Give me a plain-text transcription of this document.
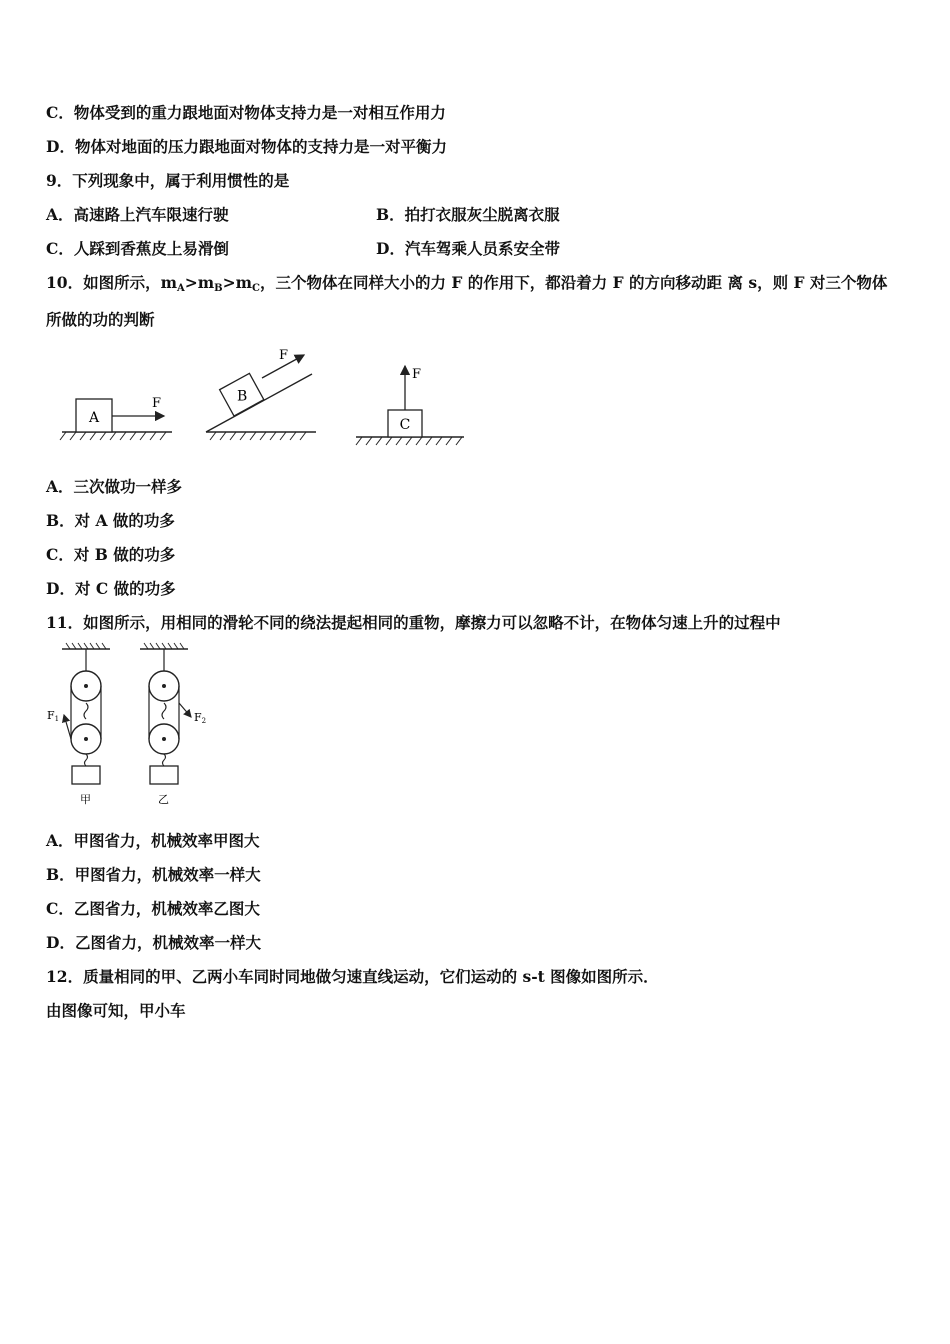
C．物体受到的重力跟地面对物体支持力是一对相互作用力
D．物体对地面的压力跟地面对物体的支持力是一对平衡力
9．下列现象中，属于利用惯性的是
A．高速路上汽车限速行驶	B．拍打衣服灰尘脱离衣服
C．人踩到香蕉皮上易滑倒	D．汽车驾乘人员系安全带
10．如图所示，$m_A>m_B>m_C$，三个物体在同样大小的力 F 的作用下，都沿着力 F 的方向移动距 离 s，则 F 对三个物体
所做的功的判断
A
F	B
F
C
F
A．三次做功一样多
B．对 A 做的功多
C．对 B 做的功多
D．对 C 做的功多
11．如图所示，用相同的滑轮不同的绕法提起相同的重物，摩擦力可以忽略不计，在物体匀速上升的过程中
F1
甲
F2
乙
A．甲图省力，机械效率甲图大
B．甲图省力，机械效率一样大
C．乙图省力，机械效率乙图大
D．乙图省力，机械效率一样大
12．质量相同的甲、乙两小车同时同地做匀速直线运动，它们运动的 s-t 图像如图所示．
由图像可知，甲小车
